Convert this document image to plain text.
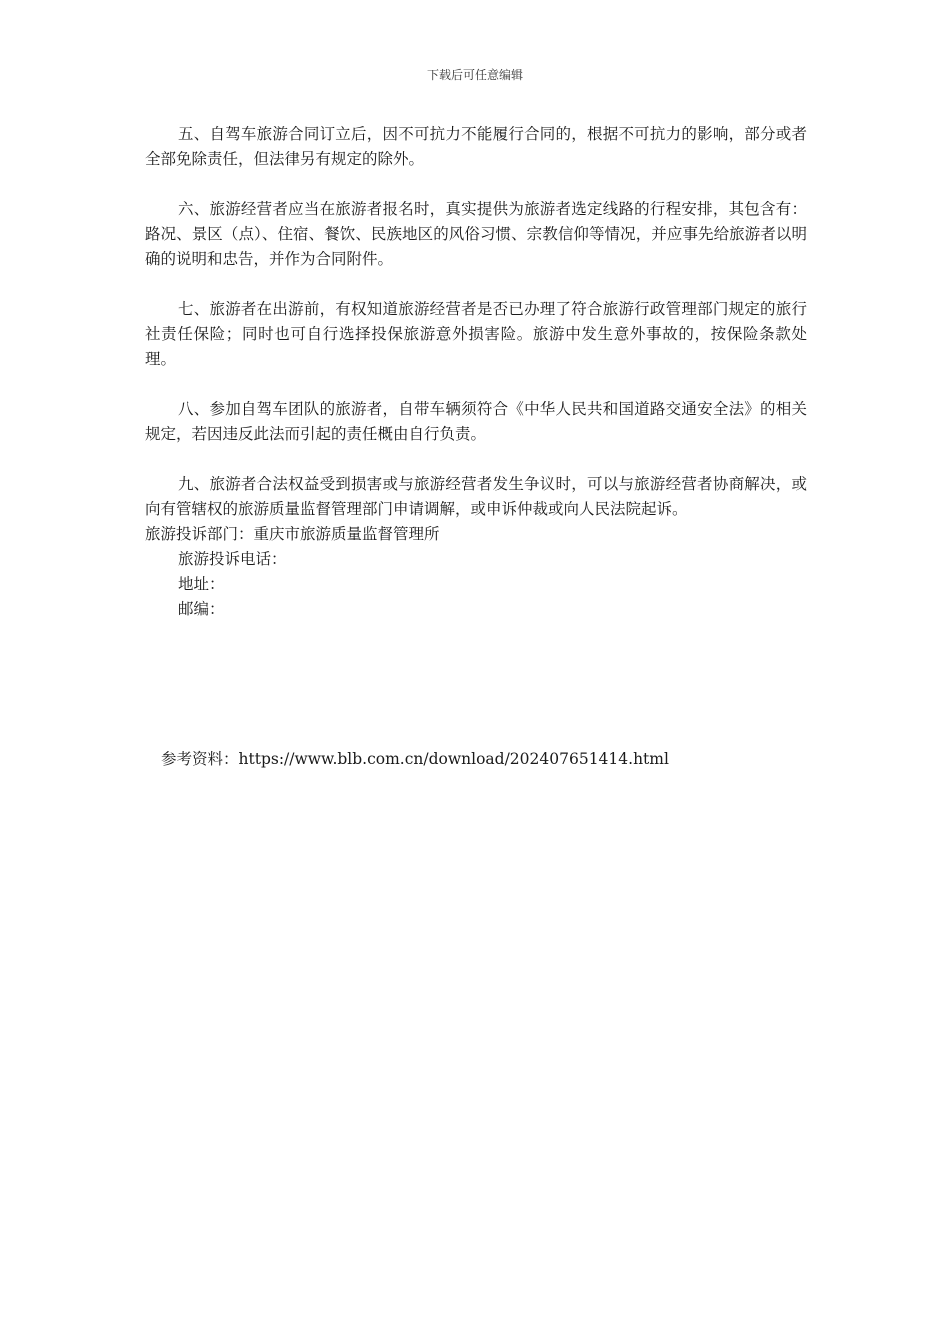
下载后可任意编辑

五、自驾车旅游合同订立后，因不可抗力不能履行合同的，根据不可抗力的影响，部分或者全部免除责任，但法律另有规定的除外。

六、旅游经营者应当在旅游者报名时，真实提供为旅游者选定线路的行程安排，其包含有：路况、景区（点）、住宿、餐饮、民族地区的风俗习惯、宗教信仰等情况，并应事先给旅游者以明确的说明和忠告，并作为合同附件。

七、旅游者在出游前，有权知道旅游经营者是否已办理了符合旅游行政管理部门规定的旅行社责任保险；同时也可自行选择投保旅游意外损害险。旅游中发生意外事故的，按保险条款处理。

八、参加自驾车团队的旅游者，自带车辆须符合《中华人民共和国道路交通安全法》的相关规定，若因违反此法而引起的责任概由自行负责。

九、旅游者合法权益受到损害或与旅游经营者发生争议时，可以与旅游经营者协商解决，或向有管辖权的旅游质量监督管理部门申请调解，或申诉仲裁或向人民法院起诉。

旅游投诉部门：重庆市旅游质量监督管理所

旅游投诉电话：

地址：

邮编：

参考资料：https://www.blb.com.cn/download/202407651414.html
